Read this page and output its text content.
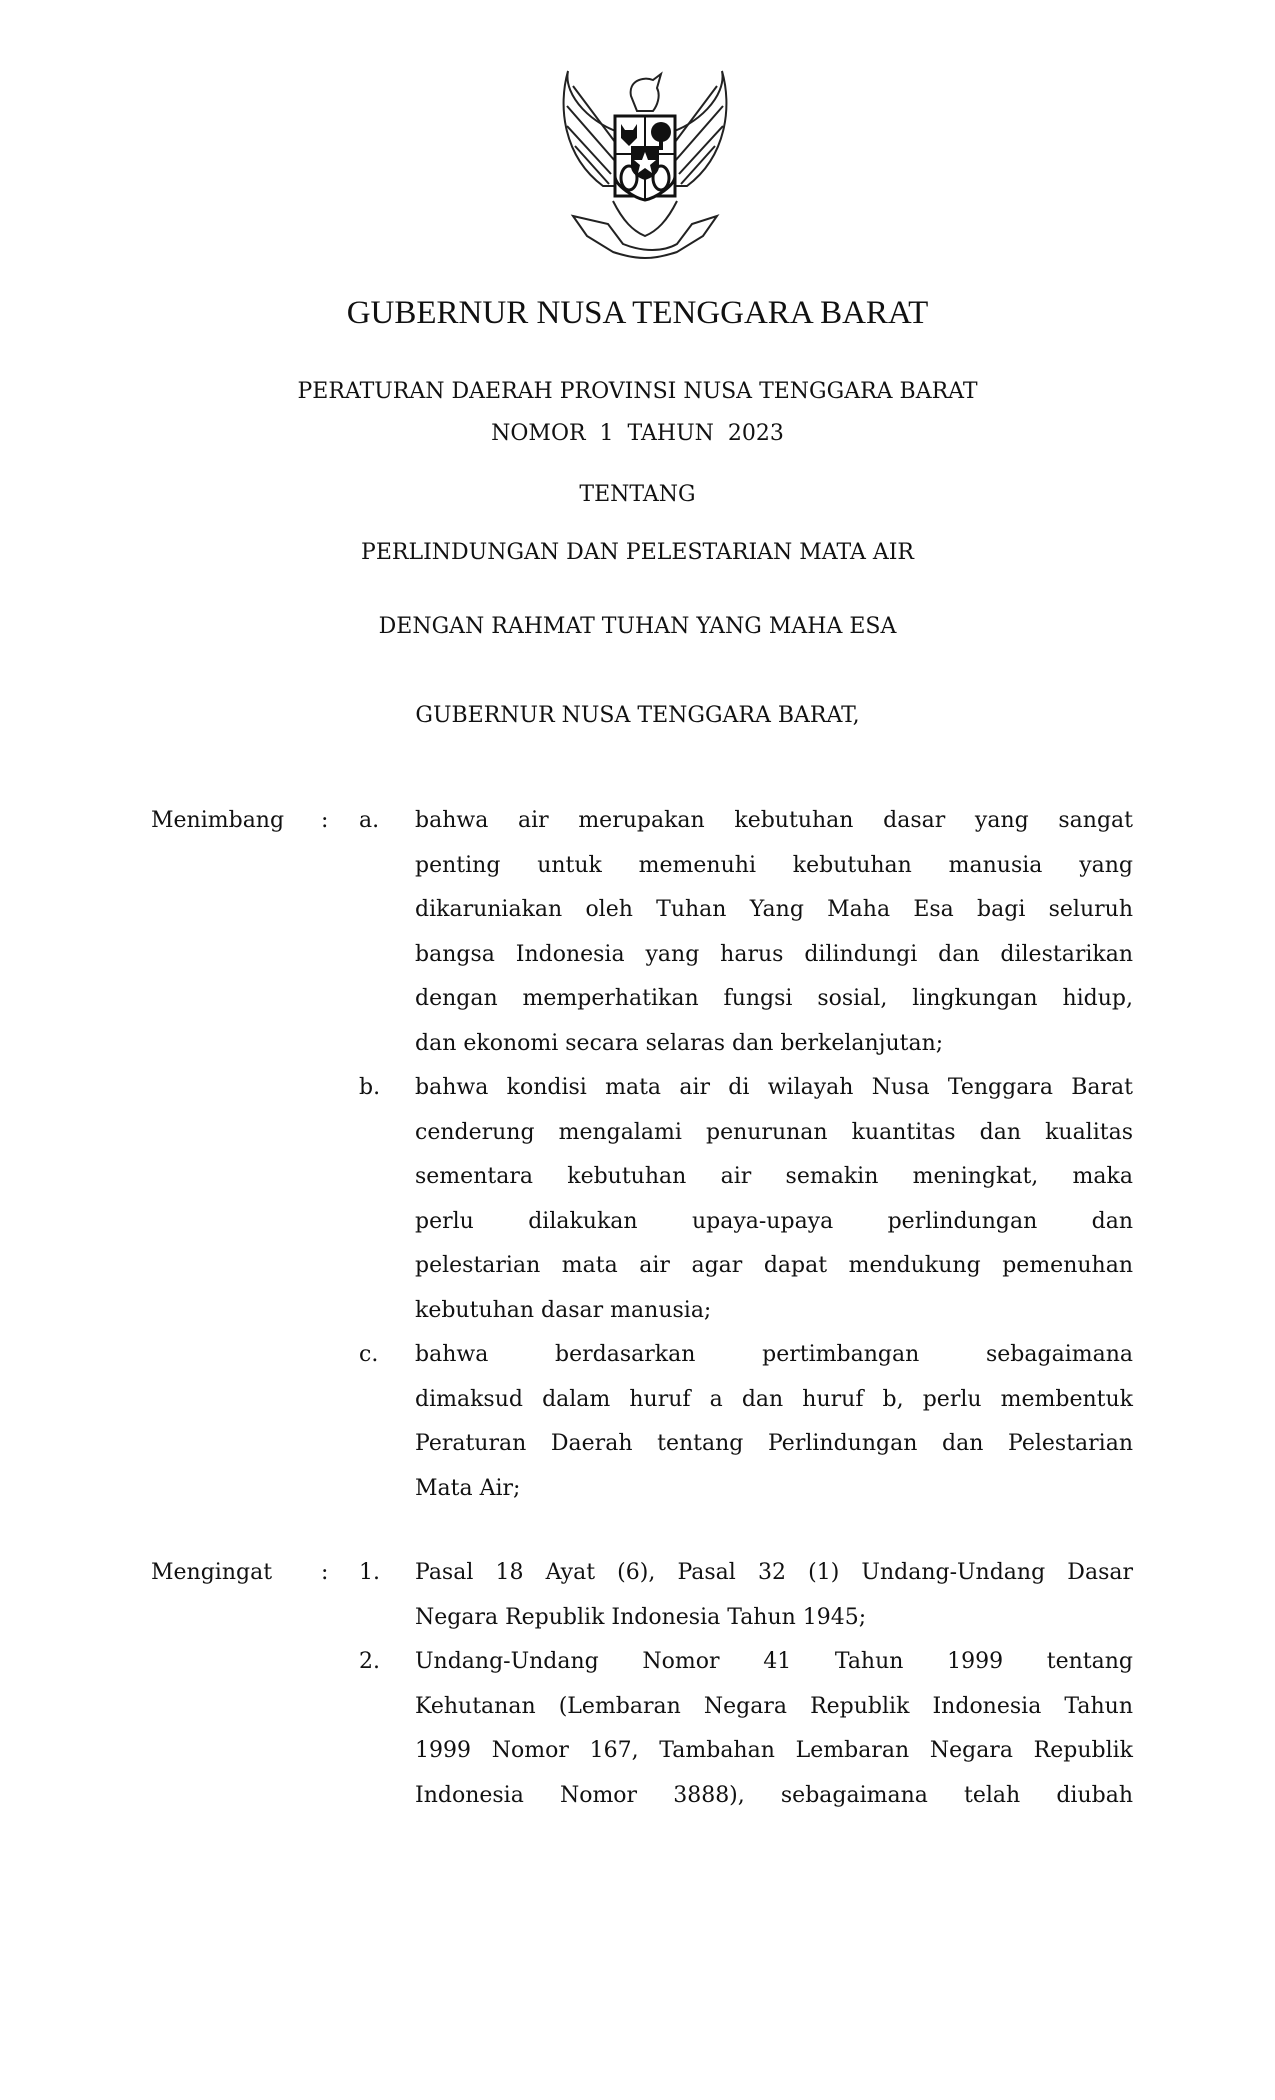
GUBERNUR NUSA TENGGARA BARAT
PERATURAN DAERAH PROVINSI NUSA TENGGARA BARAT
NOMOR  1  TAHUN  2023
TENTANG
PERLINDUNGAN DAN PELESTARIAN MATA AIR
DENGAN RAHMAT TUHAN YANG MAHA ESA
GUBERNUR NUSA TENGGARA BARAT,
Menimbang : a. bahwa air merupakan kebutuhan dasar yang sangat
penting untuk memenuhi kebutuhan manusia yang
dikaruniakan oleh Tuhan Yang Maha Esa bagi seluruh
bangsa Indonesia yang harus dilindungi dan dilestarikan
dengan memperhatikan fungsi sosial, lingkungan hidup,
dan ekonomi secara selaras dan berkelanjutan;
b. bahwa kondisi mata air di wilayah Nusa Tenggara Barat
cenderung mengalami penurunan kuantitas dan kualitas
sementara kebutuhan air semakin meningkat, maka
perlu dilakukan upaya-upaya perlindungan dan
pelestarian mata air agar dapat mendukung pemenuhan
kebutuhan dasar manusia;
c. bahwa berdasarkan pertimbangan sebagaimana
dimaksud dalam huruf a dan huruf b, perlu membentuk
Peraturan Daerah tentang Perlindungan dan Pelestarian
Mata Air;
Mengingat : 1. Pasal 18 Ayat (6), Pasal 32 (1) Undang-Undang Dasar
Negara Republik Indonesia Tahun 1945;
2. Undang-Undang Nomor 41 Tahun 1999 tentang
Kehutanan (Lembaran Negara Republik Indonesia Tahun
1999 Nomor 167, Tambahan Lembaran Negara Republik
Indonesia Nomor 3888), sebagaimana telah diubah
